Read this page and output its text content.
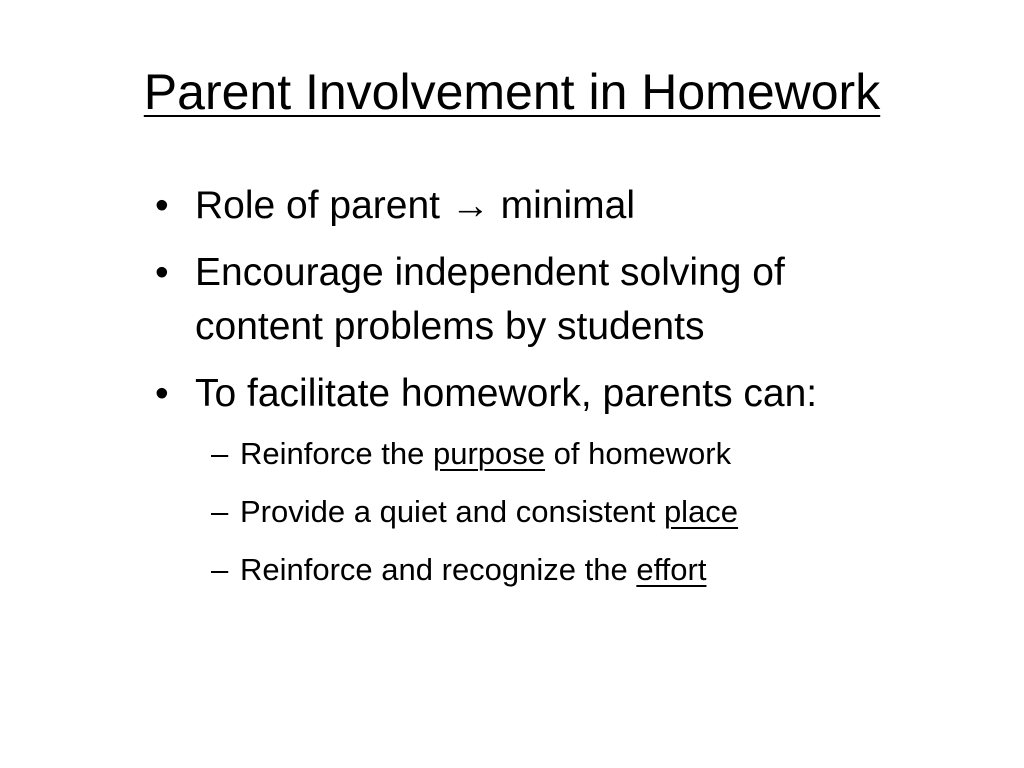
Parent Involvement in Homework
• Role of parent → minimal
• Encourage independent solving of content problems by students
• To facilitate homework, parents can:
– Reinforce the purpose of homework
– Provide a quiet and consistent place
– Reinforce and recognize the effort
